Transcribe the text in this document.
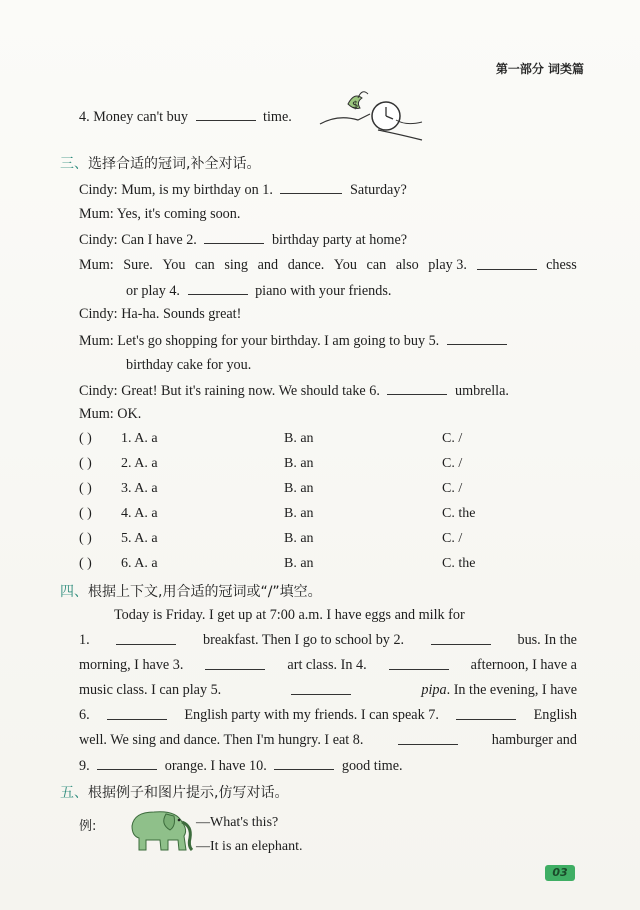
第一部分 词类篇
4. Money can't buy	time.
$
三、选择合适的冠词,补全对话。
Cindy: Mum, is my birthday on 1.	Saturday?
Mum: Yes, it's coming soon.
Cindy: Can I have 2.	birthday party at home?
Mum: Sure. You can sing and dance. You can also play 3.	chess
or play 4.	piano with your friends.
Cindy: Ha-ha. Sounds great!
Mum: Let's go shopping for your birthday. I am going to buy 5.
birthday cake for you.
Cindy: Great! But it's raining now. We should take 6.	umbrella.
Mum: OK.
( ) 1. A. a	B. an	C. /
( ) 2. A. a	B. an	C. /
( ) 3. A. a	B. an	C. /
( ) 4. A. a	B. an	C. the
( ) 5. A. a	B. an	C. /
( ) 6. A. a	B. an	C. the
四、根据上下文,用合适的冠词或“/”填空。
Today is Friday. I get up at 7:00 a.m. I have eggs and milk for
1.	breakfast. Then I go to school by 2.	bus. In the
morning, I have 3.	art class. In 4.	afternoon, I have a
music class. I can play 5.	pipa. In the evening, I have
6.	English party with my friends. I can speak 7.	English
well. We sing and dance. Then I'm hungry. I eat 8.	hamburger and
9.	orange. I have 10.	good time.
五、根据例子和图片提示,仿写对话。
例:	—What's this?
—It is an elephant.
03
